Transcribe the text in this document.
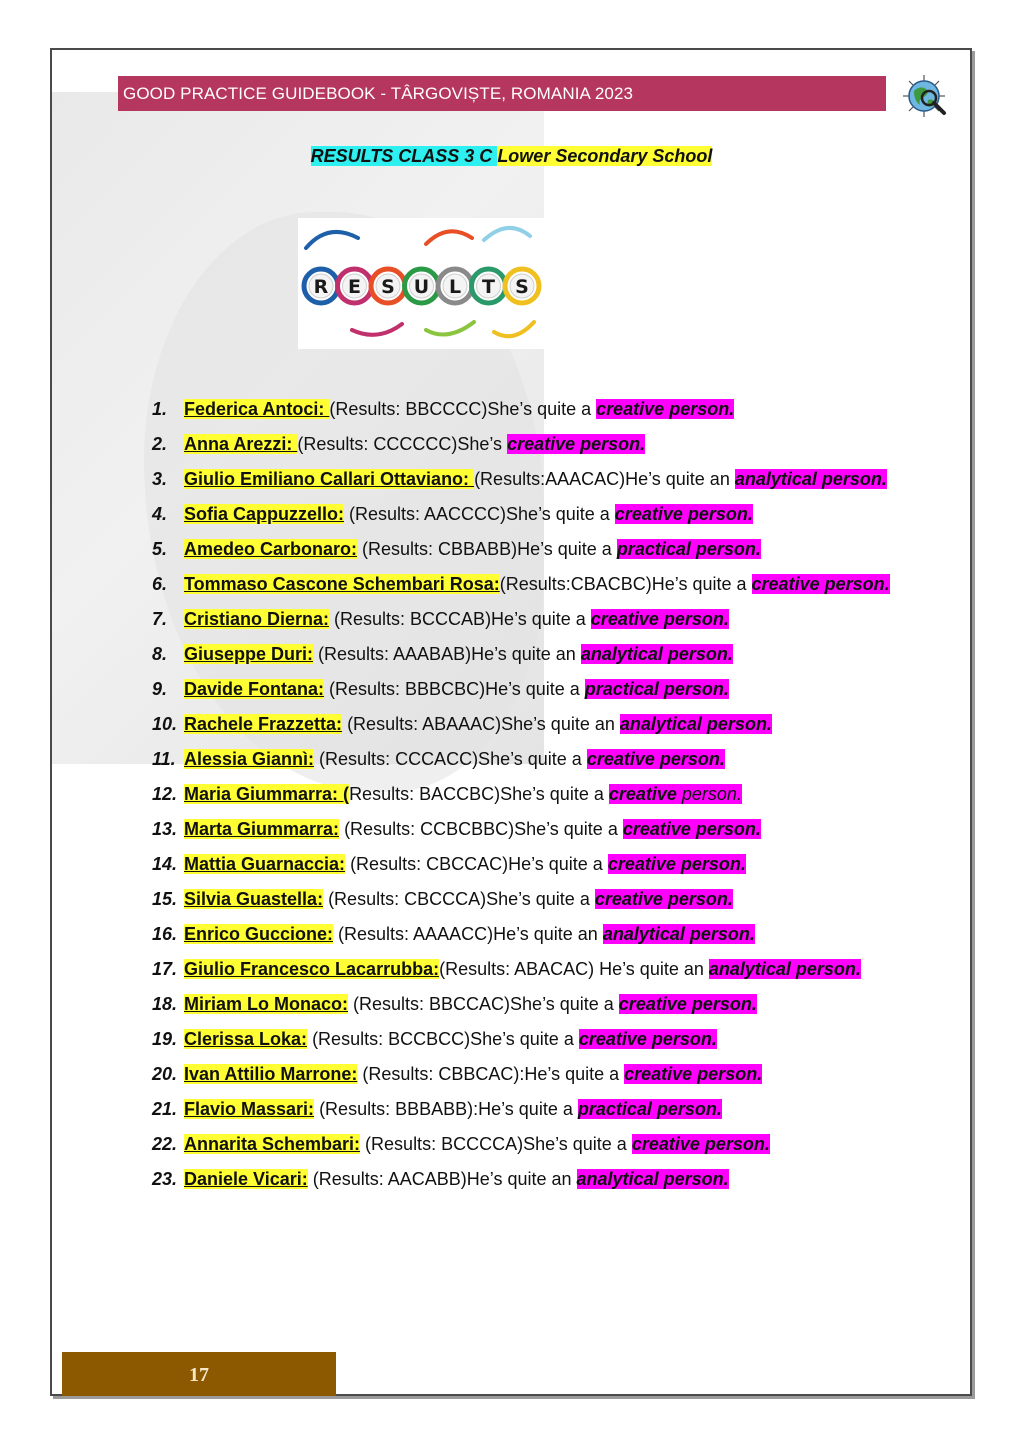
GOOD PRACTICE GUIDEBOOK - TÂRGOVIȘTE, ROMANIA 2023
RESULTS CLASS 3 C Lower Secondary School
R E S U L T S
1. Federica Antoci: (Results: BBCCCC)She’s quite a creative person.
2. Anna Arezzi: (Results: CCCCCC)She’s creative person.
3. Giulio Emiliano Callari Ottaviano: (Results:AAACAC)He’s quite an analytical person.
4. Sofia Cappuzzello: (Results: AACCCC)She’s quite a creative person.
5. Amedeo Carbonaro: (Results: CBBABB)He’s quite a practical person.
6. Tommaso Cascone Schembari Rosa:(Results:CBACBC)He’s quite a creative person.
7. Cristiano Dierna: (Results: BCCCAB)He’s quite a creative person.
8. Giuseppe Duri: (Results: AAABAB)He’s quite an analytical person.
9. Davide Fontana: (Results: BBBCBC)He’s quite a practical person.
10. Rachele Frazzetta: (Results: ABAAAC)She’s quite an analytical person.
11. Alessia Giannì: (Results: CCCACC)She’s quite a creative person.
12. Maria Giummarra: (Results: BACCBC)She’s quite a creative person.
13. Marta Giummarra: (Results: CCBCBBC)She’s quite a creative person.
14. Mattia Guarnaccia: (Results: CBCCAC)He’s quite a creative person.
15. Silvia Guastella: (Results: CBCCCA)She’s quite a creative person.
16. Enrico Guccione: (Results: AAAACC)He’s quite an analytical person.
17. Giulio Francesco Lacarrubba:(Results: ABACAC) He’s quite an analytical person.
18. Miriam Lo Monaco: (Results: BBCCAC)She’s quite a creative person.
19. Clerissa Loka: (Results: BCCBCC)She’s quite a creative person.
20. Ivan Attilio Marrone: (Results: CBBCAC):He’s quite a creative person.
21. Flavio Massari: (Results: BBBABB):He’s quite a practical person.
22. Annarita Schembari: (Results: BCCCCA)She’s quite a creative person.
23. Daniele Vicari: (Results: AACABB)He’s quite an analytical person.
17
